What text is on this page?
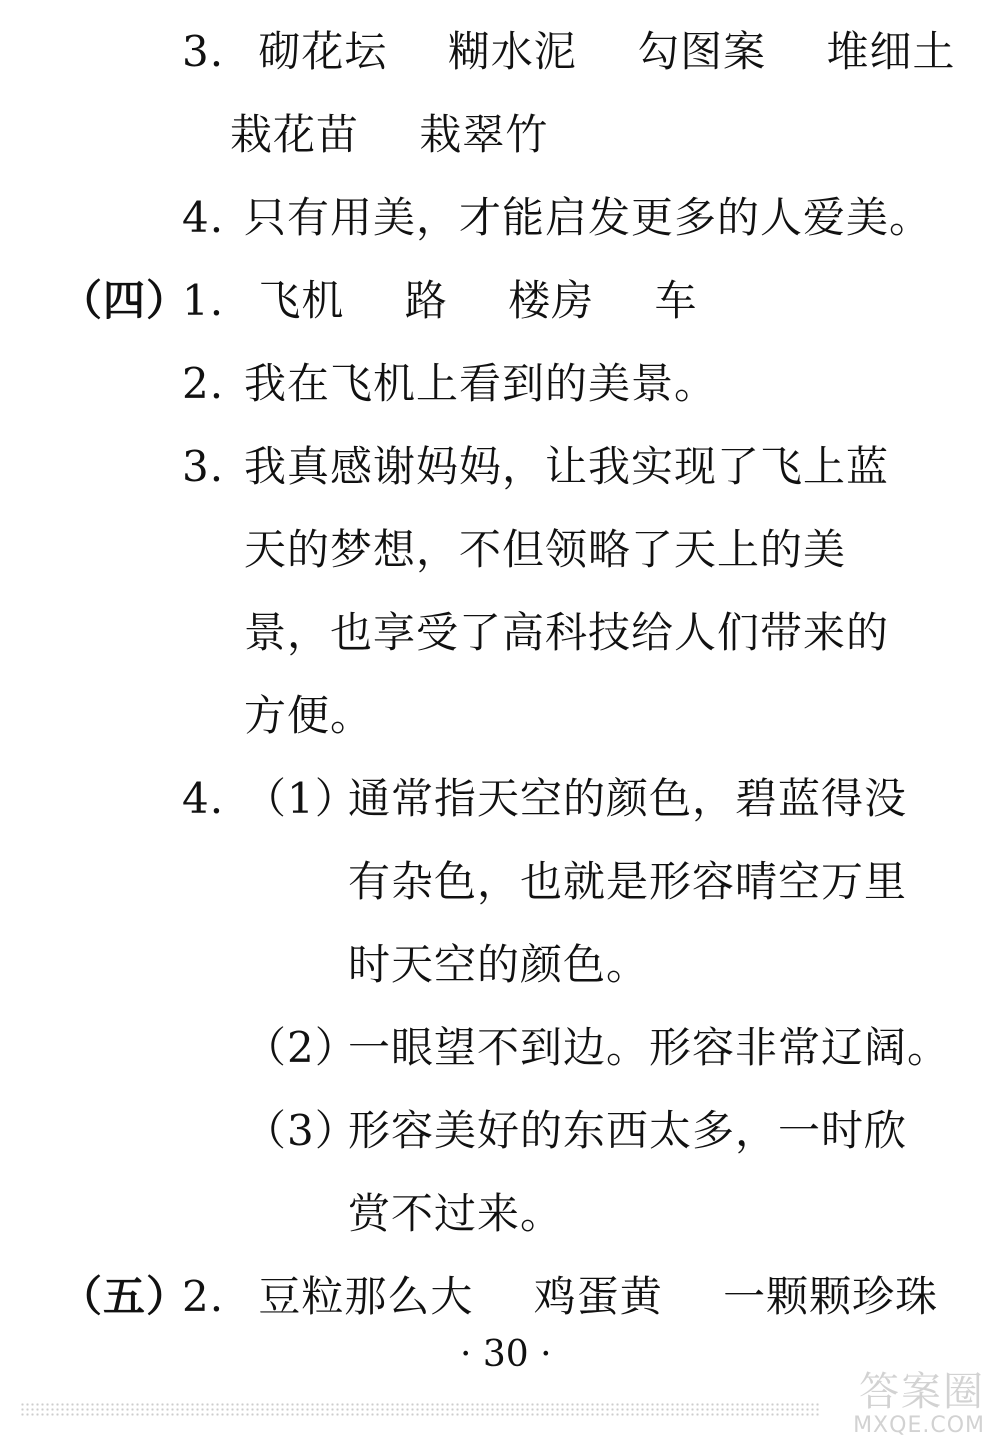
3. 砌花坛 糊水泥 勾图案 堆细土
栽花苗 栽翠竹
4. 只有用美，才能启发更多的人爱美。
（四）1. 飞机 路 楼房 车
2. 我在飞机上看到的美景。
3. 我真感谢妈妈，让我实现了飞上蓝
天的梦想，不但领略了天上的美
景，也享受了高科技给人们带来的
方便。
4. （1）通常指天空的颜色，碧蓝得没
有杂色，也就是形容晴空万里
时天空的颜色。
（2）一眼望不到边。形容非常辽阔。
（3）形容美好的东西太多，一时欣
赏不过来。
（五）2. 豆粒那么大 鸡蛋黄 一颗颗珍珠
· 30 ·
答案圈
MXQE.COM
